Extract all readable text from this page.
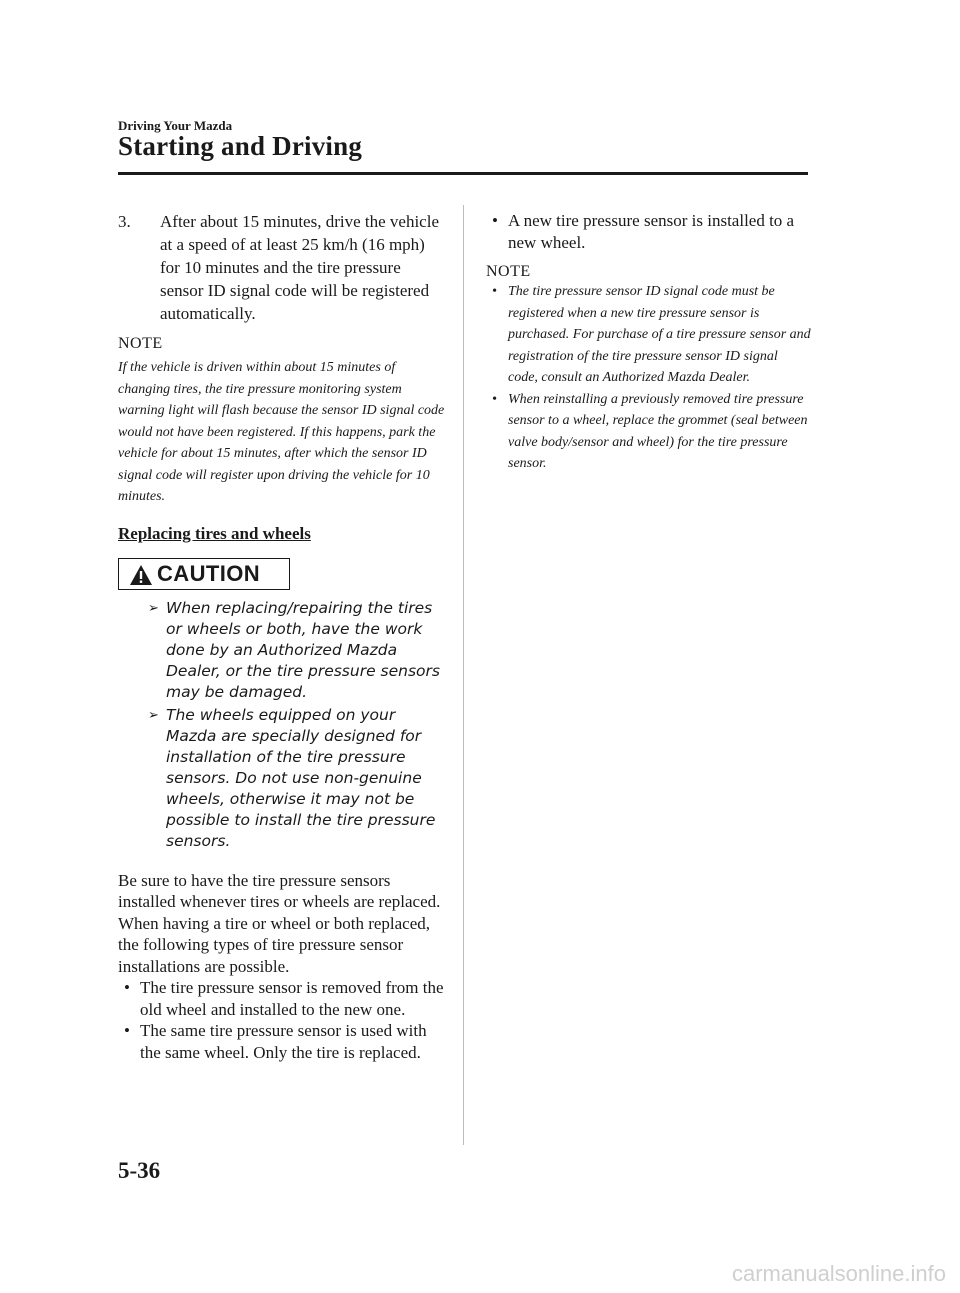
Driving Your Mazda
Starting and Driving
3.	After about 15 minutes, drive the vehicle at a speed of at least 25 km/h (16 mph) for 10 minutes and the tire pressure sensor ID signal code will be registered automatically.
NOTE
If the vehicle is driven within about 15 minutes of changing tires, the tire pressure monitoring system warning light will flash because the sensor ID signal code would not have been registered. If this happens, park the vehicle for about 15 minutes, after which the sensor ID signal code will register upon driving the vehicle for 10 minutes.
Replacing tires and wheels
CAUTION
➢ When replacing/repairing the tires or wheels or both, have the work done by an Authorized Mazda Dealer, or the tire pressure sensors may be damaged.
➢ The wheels equipped on your Mazda are specially designed for installation of the tire pressure sensors. Do not use non-genuine wheels, otherwise it may not be possible to install the tire pressure sensors.
Be sure to have the tire pressure sensors installed whenever tires or wheels are replaced.
When having a tire or wheel or both replaced, the following types of tire pressure sensor installations are possible.
• The tire pressure sensor is removed from the old wheel and installed to the new one.
• The same tire pressure sensor is used with the same wheel. Only the tire is replaced.
• A new tire pressure sensor is installed to a new wheel.
NOTE
• The tire pressure sensor ID signal code must be registered when a new tire pressure sensor is purchased. For purchase of a tire pressure sensor and registration of the tire pressure sensor ID signal code, consult an Authorized Mazda Dealer.
• When reinstalling a previously removed tire pressure sensor to a wheel, replace the grommet (seal between valve body/sensor and wheel) for the tire pressure sensor.
5-36
carmanualsonline.info
